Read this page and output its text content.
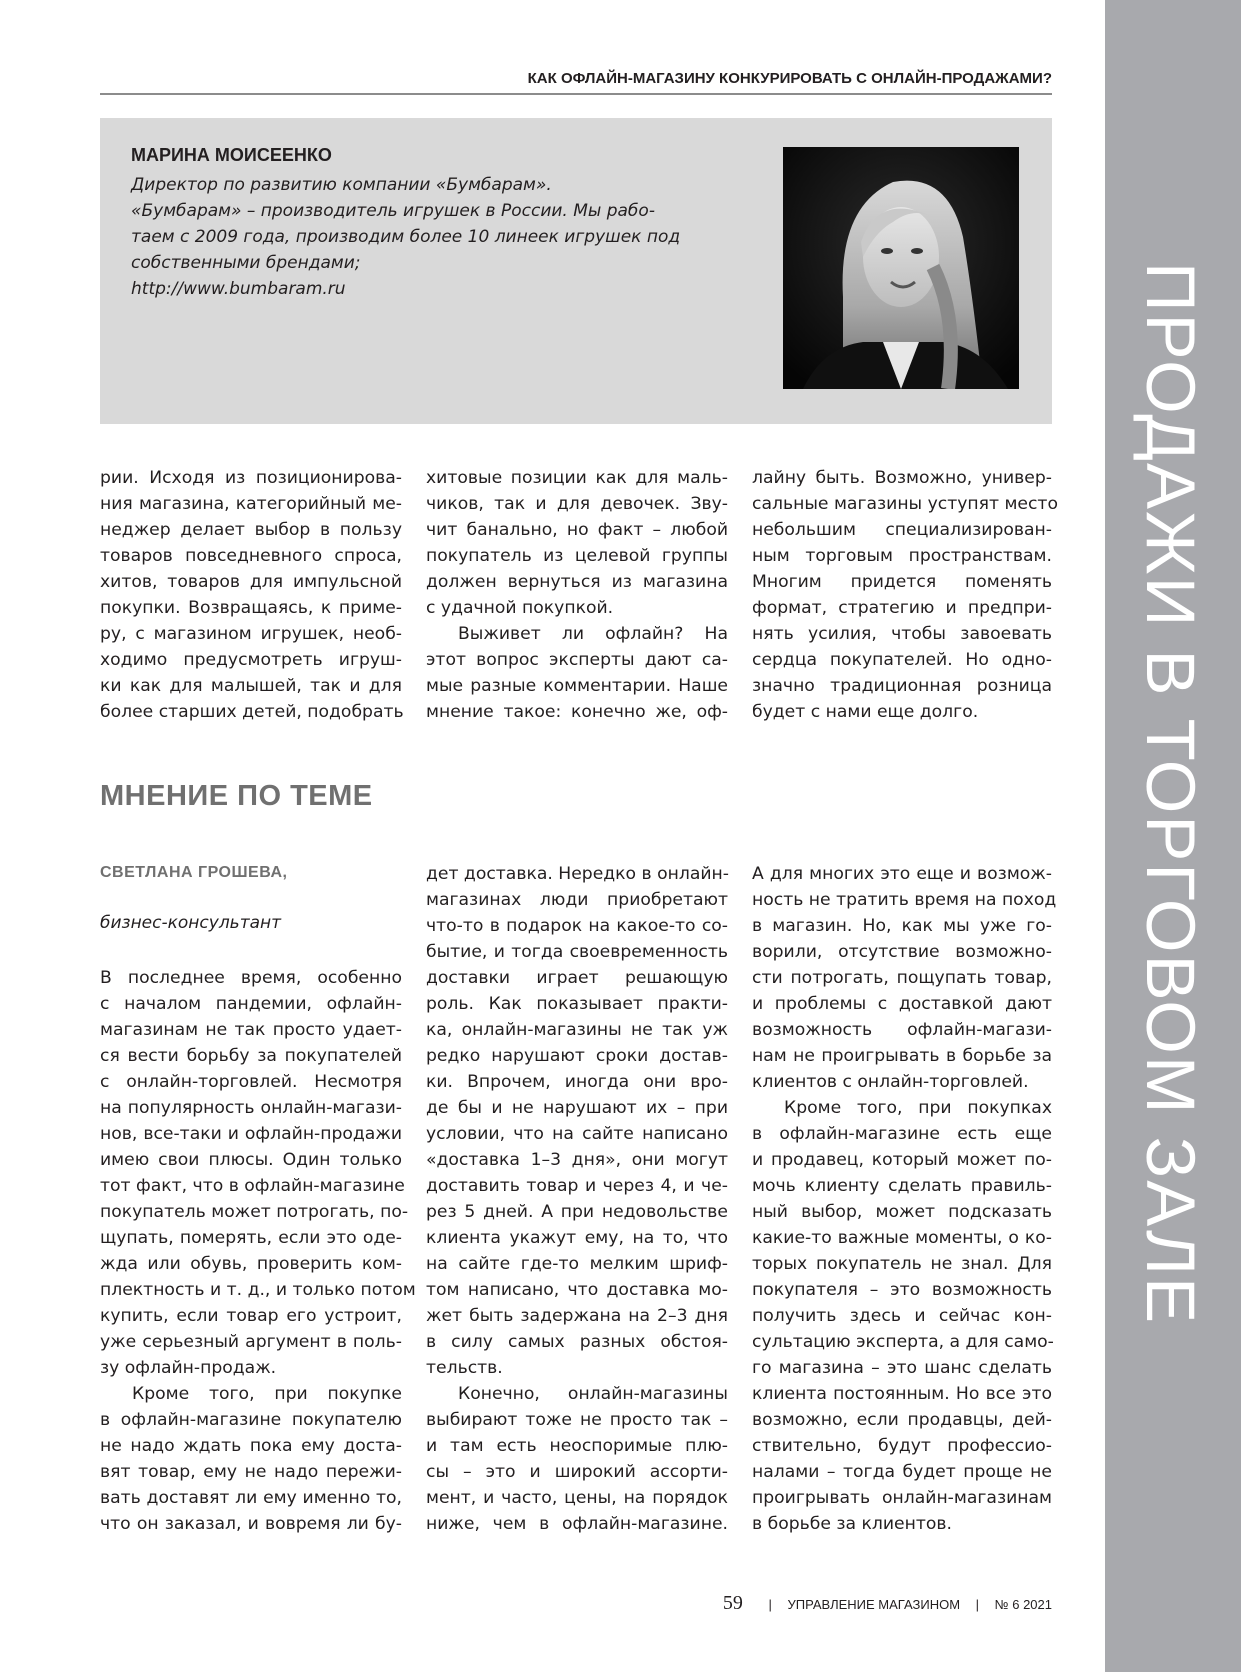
ПРОДАЖИ В ТОРГОВОМ ЗАЛЕ
КАК ОФЛАЙН-МАГАЗИНУ КОНКУРИРОВАТЬ С ОНЛАЙН-ПРОДАЖАМИ?
МАРИНА МОИСЕЕНКО
Директор по развитию компании «Бумбарам».
«Бумбарам» – производитель игрушек в России. Мы рабо-
таем с 2009 года, производим более 10 линеек игрушек под
собственными брендами;
http://www.bumbaram.ru
рии. Исходя из позиционирова-
ния магазина, категорийный ме-
неджер делает выбор в пользу
товаров повседневного спроса,
хитов, товаров для импульсной
покупки. Возвращаясь, к приме-
ру, с магазином игрушек, необ-
ходимо предусмотреть игруш-
ки как для малышей, так и для
более старших детей, подобрать
хитовые позиции как для маль-
чиков, так и для девочек. Зву-
чит банально, но факт – любой
покупатель из целевой группы
должен вернуться из магазина
с удачной покупкой.
Выживет ли офлайн? На
этот вопрос эксперты дают са-
мые разные комментарии. Наше
мнение такое: конечно же, оф-
лайну быть. Возможно, универ-
сальные магазины уступят место
небольшим специализирован-
ным торговым пространствам.
Многим придется поменять
формат, стратегию и предпри-
нять усилия, чтобы завоевать
сердца покупателей. Но одно-
значно традиционная розница
будет с нами еще долго.
МНЕНИЕ ПО ТЕМЕ
СВЕТЛАНА ГРОШЕВА,
бизнес-консультант
В последнее время, особенно
с началом пандемии, офлайн-
магазинам не так просто удает-
ся вести борьбу за покупателей
с онлайн-торговлей. Несмотря
на популярность онлайн-магази-
нов, все-таки и офлайн-продажи
имею свои плюсы. Один только
тот факт, что в офлайн-магазине
покупатель может потрогать, по-
щупать, померять, если это оде-
жда или обувь, проверить ком-
плектность и т. д., и только потом
купить, если товар его устроит,
уже серьезный аргумент в поль-
зу офлайн-продаж.
Кроме того, при покупке
в офлайн-магазине покупателю
не надо ждать пока ему доста-
вят товар, ему не надо пережи-
вать доставят ли ему именно то,
что он заказал, и вовремя ли бу-
дет доставка. Нередко в онлайн-
магазинах люди приобретают
что-то в подарок на какое-то со-
бытие, и тогда своевременность
доставки играет решающую
роль. Как показывает практи-
ка, онлайн-магазины не так уж
редко нарушают сроки достав-
ки. Впрочем, иногда они вро-
де бы и не нарушают их – при
условии, что на сайте написано
«доставка 1–3 дня», они могут
доставить товар и через 4, и че-
рез 5 дней. А при недовольстве
клиента укажут ему, на то, что
на сайте где-то мелким шриф-
том написано, что доставка мо-
жет быть задержана на 2–3 дня
в силу самых разных обстоя-
тельств.
Конечно, онлайн-магазины
выбирают тоже не просто так –
и там есть неоспоримые плю-
сы – это и широкий ассорти-
мент, и часто, цены, на порядок
ниже, чем в офлайн-магазине.
А для многих это еще и возмож-
ность не тратить время на поход
в магазин. Но, как мы уже го-
ворили, отсутствие возможно-
сти потрогать, пощупать товар,
и проблемы с доставкой дают
возможность офлайн-магази-
нам не проигрывать в борьбе за
клиентов с онлайн-торговлей.
Кроме того, при покупках
в офлайн-магазине есть еще
и продавец, который может по-
мочь клиенту сделать правиль-
ный выбор, может подсказать
какие-то важные моменты, о ко-
торых покупатель не знал. Для
покупателя – это возможность
получить здесь и сейчас кон-
сультацию эксперта, а для само-
го магазина – это шанс сделать
клиента постоянным. Но все это
возможно, если продавцы, дей-
ствительно, будут профессио-
налами – тогда будет проще не
проигрывать онлайн-магазинам
в борьбе за клиентов.
59 | УПРАВЛЕНИЕ МАГАЗИНОМ | № 6 2021
